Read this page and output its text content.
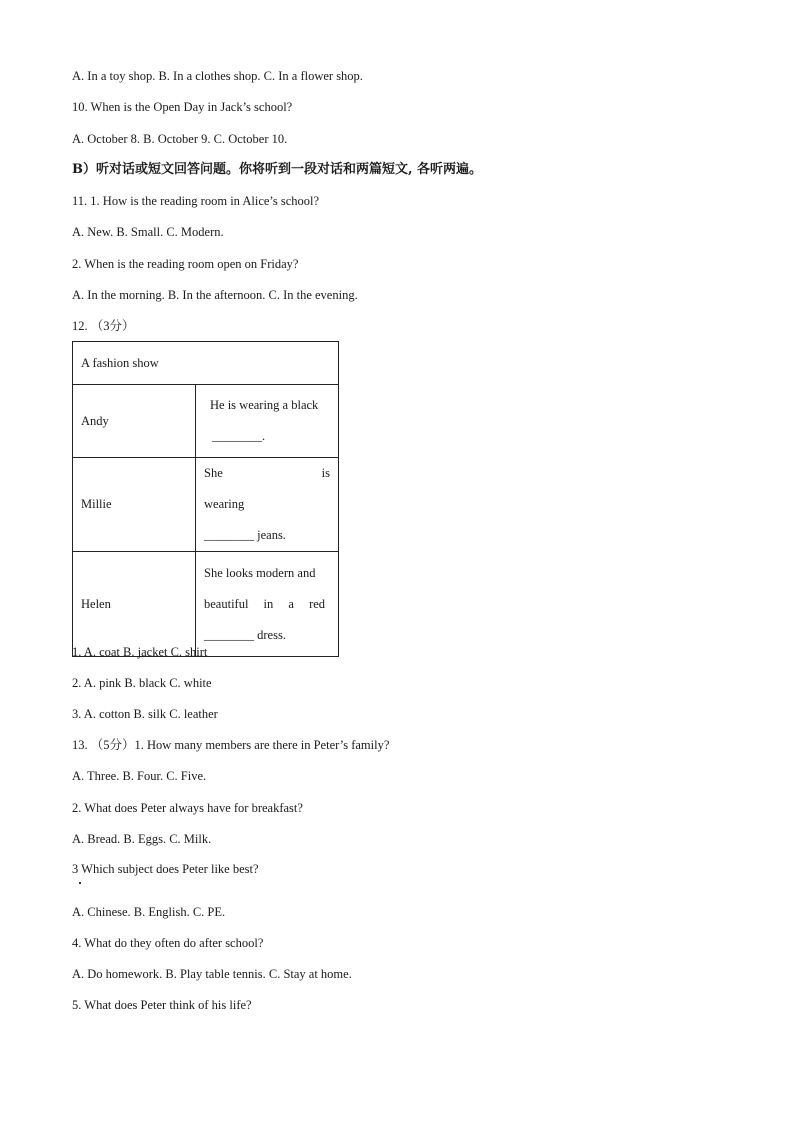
A. In a toy shop. B. In a clothes shop. C. In a flower shop.
10. When is the Open Day in Jack’s school?
A. October 8. B. October 9. C. October 10.
B）听对话或短文回答问题。你将听到一段对话和两篇短文, 各听两遍。
11. 1. How is the reading room in Alice’s school?
A. New. B. Small. C. Modern.
2. When is the reading room open on Friday?
A. In the morning. B. In the afternoon. C. In the evening.
12. （3分）
A fashion show	
Andy	He is wearing a black
________.

Millie	She is wearing
________ jeans.

Helen	She looks modern and
beautiful in a red
________ dress.
1. A. coat B. jacket C. shirt
2. A. pink B. black C. white
3. A. cotton B. silk C. leather
13. （5分）1. How many members are there in Peter’s family?
A. Three. B. Four. C. Five.
2. What does Peter always have for breakfast?
A. Bread. B. Eggs. C. Milk.
3 Which subject does Peter like best?
A. Chinese. B. English. C. PE.
4. What do they often do after school?
A. Do homework. B. Play table tennis. C. Stay at home.
5. What does Peter think of his life?
